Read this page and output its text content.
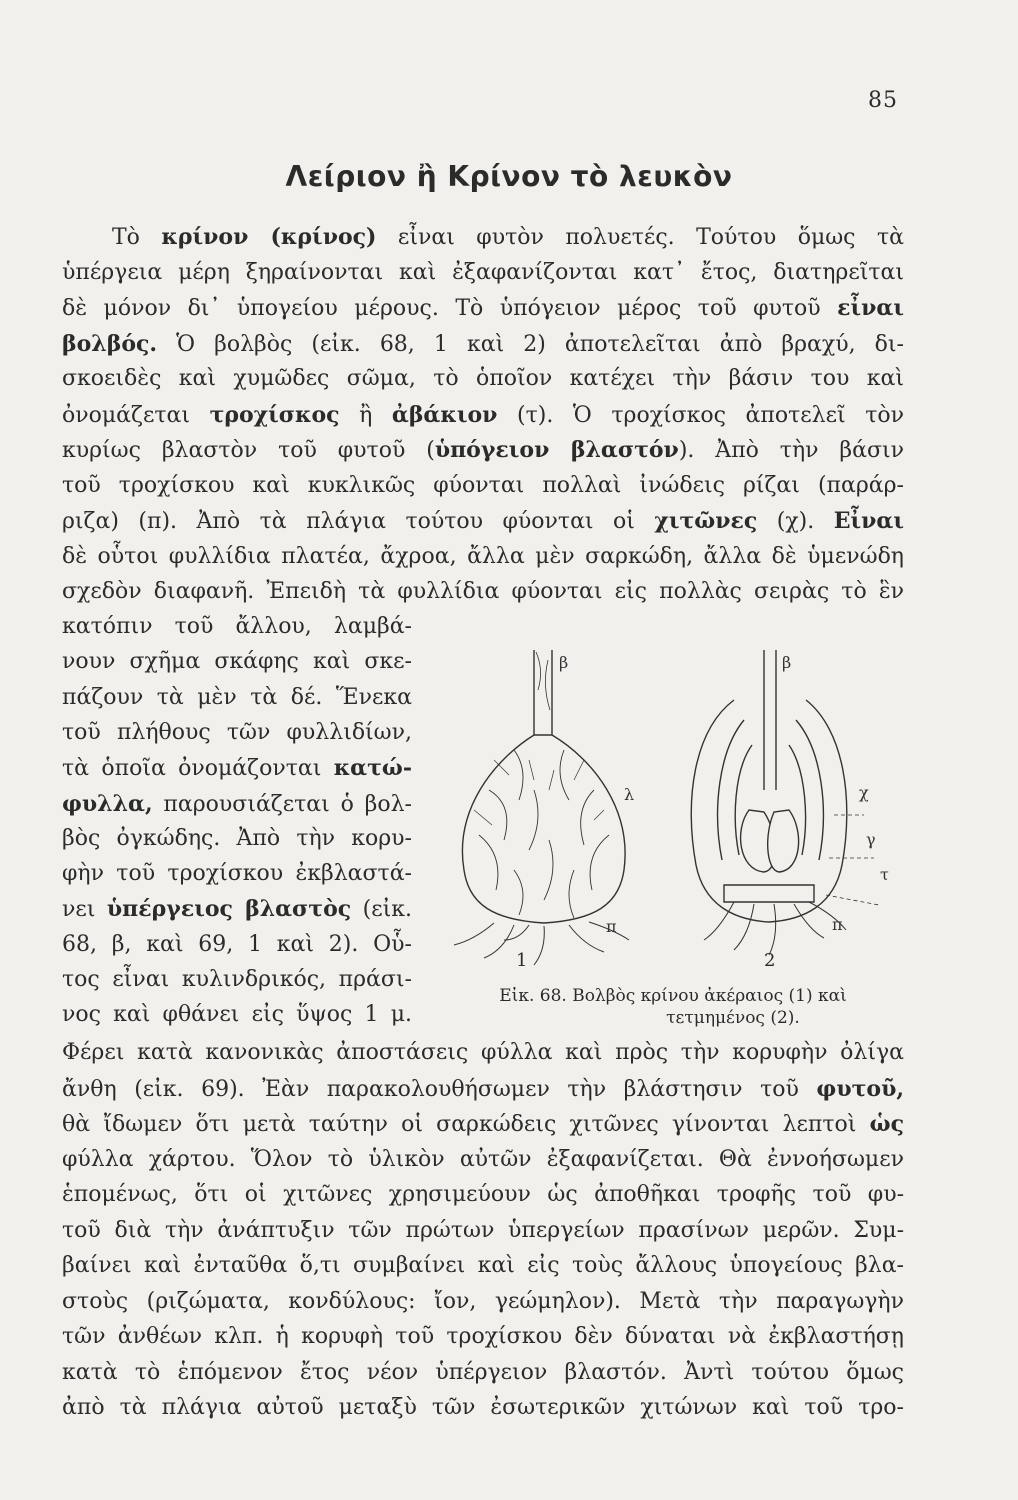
85
Λείριον ἢ Κρίνον τὸ λευκὸν
Τὸ κρίνον (κρίνος) εἶναι φυτὸν πολυετές. Τούτου ὅμως τὰ
ὑπέργεια μέρη ξηραίνονται καὶ ἐξαφανίζονται κατ᾿ ἔτος, διατηρεῖται
δὲ μόνον δι᾿ ὑπογείου μέρους. Τὸ ὑπόγειον μέρος τοῦ φυτοῦ εἶναι
βολβός. Ὁ βολβὸς (εἰκ. 68, 1 καὶ 2) ἀποτελεῖται ἀπὸ βραχύ, δι-
σκοειδὲς καὶ χυμῶδες σῶμα, τὸ ὁποῖον κατέχει τὴν βάσιν του καὶ
ὀνομάζεται τροχίσκος ἢ ἀβάκιον (τ). Ὁ τροχίσκος ἀποτελεῖ τὸν
κυρίως βλαστὸν τοῦ φυτοῦ (ὑπόγειον βλαστόν). Ἀπὸ τὴν βάσιν
τοῦ τροχίσκου καὶ κυκλικῶς φύονται πολλαὶ ἰνώδεις ρίζαι (παράρ-
ριζα) (π). Ἀπὸ τὰ πλάγια τούτου φύονται οἱ χιτῶνες (χ). Εἶναι
δὲ οὗτοι φυλλίδια πλατέα, ἄχροα, ἄλλα μὲν σαρκώδη, ἄλλα δὲ ὑμενώδη
σχεδὸν διαφανῆ. Ἐπειδὴ τὰ φυλλίδια φύονται εἰς πολλὰς σειρὰς τὸ ἓν
κατόπιν τοῦ ἄλλου, λαμβά-
νουν σχῆμα σκάφης καὶ σκε-
πάζουν τὰ μὲν τὰ δέ. Ἕνεκα
τοῦ πλήθους τῶν φυλλιδίων,
τὰ ὁποῖα ὀνομάζονται κατώ-
φυλλα, παρουσιάζεται ὁ βολ-
βὸς ὀγκώδης. Ἀπὸ τὴν κορυ-
φὴν τοῦ τροχίσκου ἐκβλαστά-
νει ὑπέργειος βλαστὸς (εἰκ.
68, β, καὶ 69, 1 καὶ 2). Οὗ-
τος εἶναι κυλινδρικός, πράσι-
νος καὶ φθάνει εἰς ὕψος 1 μ.
Φέρει κατὰ κανονικὰς ἀποστάσεις φύλλα καὶ πρὸς τὴν κορυφὴν ὀλίγα
ἄνθη (εἰκ. 69). Ἐὰν παρακολουθήσωμεν τὴν βλάστησιν τοῦ φυτοῦ,
θὰ ἴδωμεν ὅτι μετὰ ταύτην οἱ σαρκώδεις χιτῶνες γίνονται λεπτοὶ ὡς
φύλλα χάρτου. Ὅλον τὸ ὑλικὸν αὐτῶν ἐξαφανίζεται. Θὰ ἐννοήσωμεν
ἑπομένως, ὅτι οἱ χιτῶνες χρησιμεύουν ὡς ἀποθῆκαι τροφῆς τοῦ φυ-
τοῦ διὰ τὴν ἀνάπτυξιν τῶν πρώτων ὑπεργείων πρασίνων μερῶν. Συμ-
βαίνει καὶ ἐνταῦθα ὅ,τι συμβαίνει καὶ εἰς τοὺς ἄλλους ὑπογείους βλα-
στοὺς (ριζώματα, κονδύλους: ἴον, γεώμηλον). Μετὰ τὴν παραγωγὴν
τῶν ἀνθέων κλπ. ἡ κορυφὴ τοῦ τροχίσκου δὲν δύναται νὰ ἐκβλαστήσῃ
κατὰ τὸ ἑπόμενον ἔτος νέον ὑπέργειον βλαστόν. Ἀντὶ τούτου ὅμως
ἀπὸ τὰ πλάγια αὐτοῦ μεταξὺ τῶν ἐσωτερικῶν χιτώνων καὶ τοῦ τρο-
β
λ
π
β
χ
γ
τ
π
1	2
Εἰκ. 68. Βολβὸς κρίνου ἀκέραιος (1) καὶ
τετμημένος (2).
